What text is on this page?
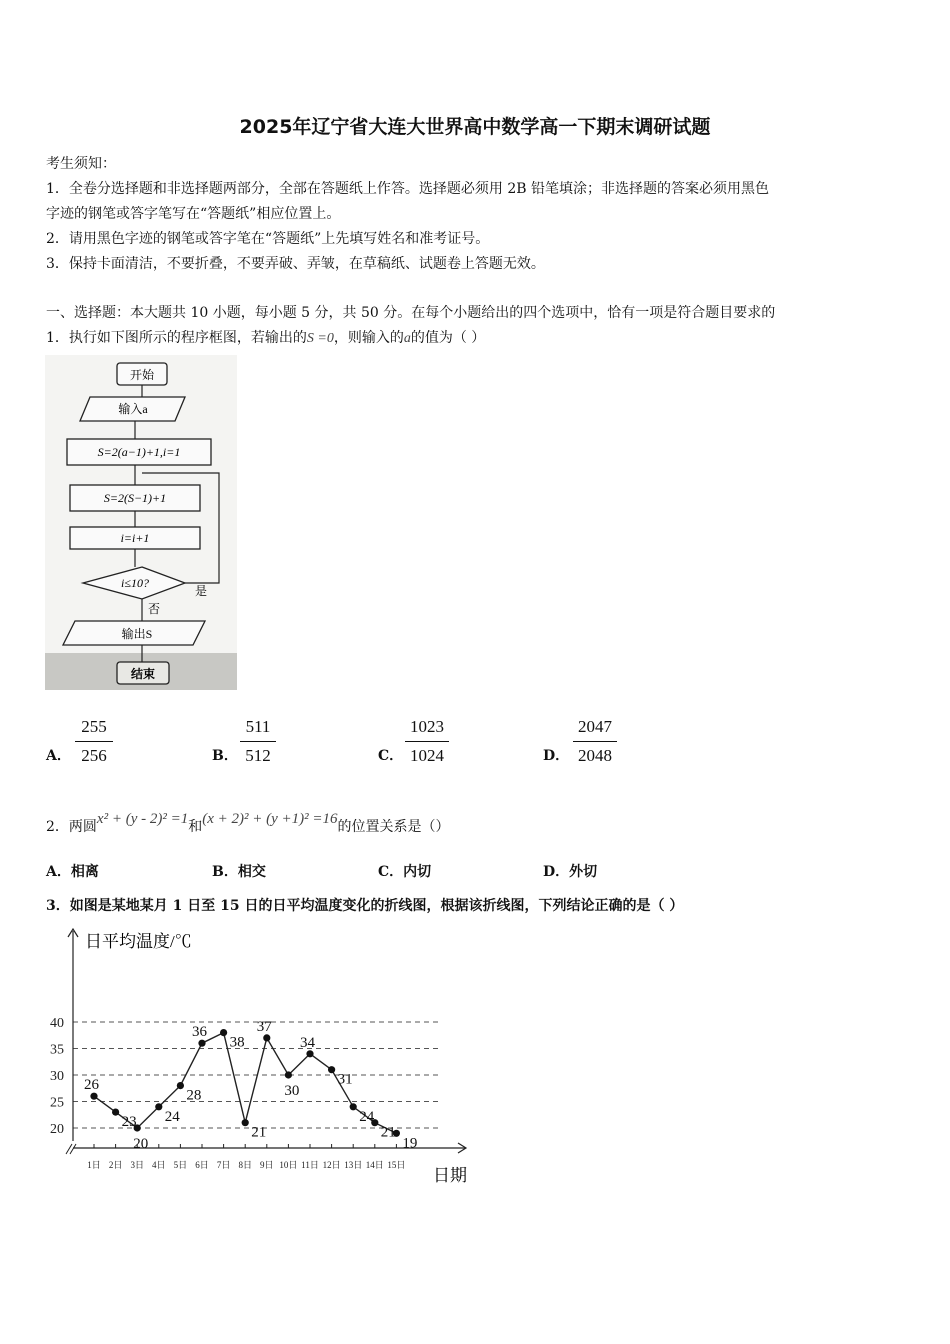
2025年辽宁省大连大世界高中数学高一下期末调研试题
考生须知：
1．全卷分选择题和非选择题两部分，全部在答题纸上作答。选择题必须用 2B 铅笔填涂；非选择题的答案必须用黑色
字迹的钢笔或答字笔写在“答题纸”相应位置上。
2．请用黑色字迹的钢笔或答字笔在“答题纸”上先填写姓名和准考证号。
3．保持卡面清洁，不要折叠，不要弄破、弄皱，在草稿纸、试题卷上答题无效。
一、选择题：本大题共 10 小题，每小题 5 分，共 50 分。在每个小题给出的四个选项中，恰有一项是符合题目要求的
1．执行如下图所示的程序框图，若输出的S =0，则输入的a的值为（ ）
开始
输入a
S=2(a−1)+1,i=1
S=2(S−1)+1
i=i+1
i≤10?
是
否
输出S
结束
A．
255
256	B．
511
512	C．
1023
1024	D．
2047
2048
2．两圆x² + (y - 2)² =1和(x + 2)² + (y +1)² =16的位置关系是（）
A．相离	B．相交	C．内切	D．外切
3．如图是某地某月 1 日至 15 日的日平均温度变化的折线图，根据该折线图，下列结论正确的是（ ）
日平均温度/℃
日期
20
25
30
35
40
1日 2日 3日 4日 5日 6日 7日 8日 9日 10日 11日 12日 13日 14日 15日
26
23
20
24
28
36
38
21
37
30
34
31
24
21
19
